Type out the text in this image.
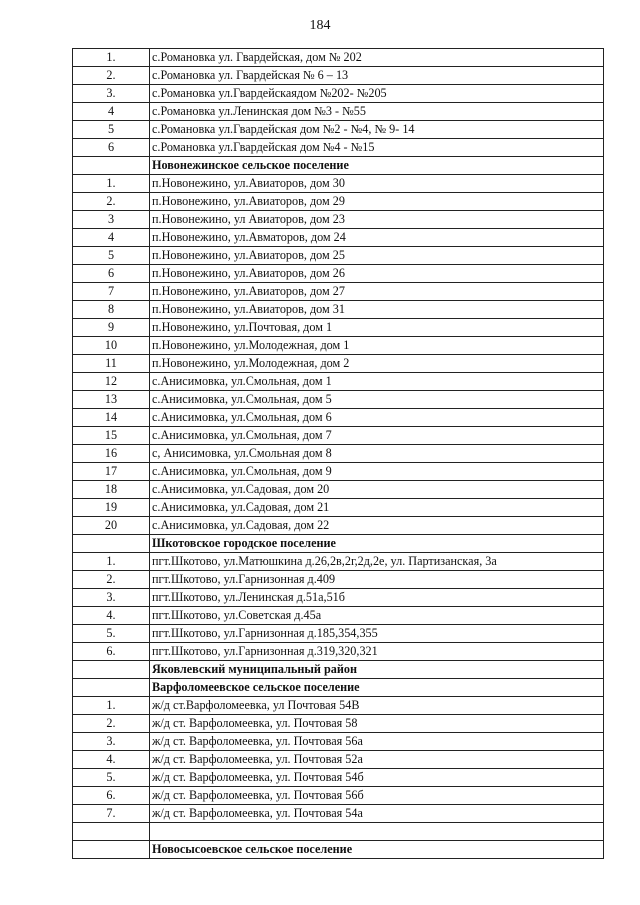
184
1.	с.Романовка ул. Гвардейская, дом № 202
2.	с.Романовка ул. Гвардейская № 6 – 13
3.	с.Романовка ул.Гвардейскаядом №202- №205
4	с.Романовка ул.Ленинская дом №3 - №55
5	с.Романовка ул.Гвардейская дом №2 - №4, № 9- 14
6	с.Романовка ул.Гвардейская дом №4 - №15
	Новонежинское сельское поселение
1.	п.Новонежино, ул.Авиаторов, дом 30
2.	п.Новонежино, ул.Авиаторов, дом 29
3	п.Новонежино, ул Авиаторов, дом 23
4	п.Новонежино, ул.Авматоров, дом 24
5	п.Новонежино, ул.Авиаторов, дом 25
6	п.Новонежино, ул.Авиаторов, дом 26
7	п.Новонежино, ул.Авиаторов, дом 27
8	п.Новонежино, ул.Авиаторов, дом 31
9	п.Новонежино, ул.Почтовая, дом 1
10	п.Новонежино, ул.Молодежная, дом 1
11	п.Новонежино, ул.Молодежная, дом 2
12	с.Анисимовка, ул.Смольная, дом 1
13	с.Анисимовка, ул.Смольная, дом 5
14	с.Анисимовка, ул.Смольная, дом 6
15	с.Анисимовка, ул.Смольная, дом 7
16	с, Анисимовка, ул.Смольная дом 8
17	с.Анисимовка, ул.Смольная, дом 9
18	с.Анисимовка, ул.Садовая, дом 20
19	с.Анисимовка, ул.Садовая, дом 21
20	с.Анисимовка, ул.Садовая, дом 22
	Шкотовское городское поселение
1.	пгт.Шкотово, ул.Матюшкина д.26,2в,2г,2д,2е, ул. Партизанская, 3а
2.	пгт.Шкотово, ул.Гарнизонная д.409
3.	пгт.Шкотово, ул.Ленинская д.51а,51б
4.	пгт.Шкотово, ул.Советская д.45а
5.	пгт.Шкотово, ул.Гарнизонная д.185,354,355
6.	пгт.Шкотово, ул.Гарнизонная д.319,320,321
	Яковлевский муниципальный район
	Варфоломеевское сельское поселение
1.	ж/д ст.Варфоломеевка, ул Почтовая 54В
2.	ж/д ст. Варфоломеевка, ул. Почтовая 58
3.	ж/д ст. Варфоломеевка, ул. Почтовая 56а
4.	ж/д ст. Варфоломеевка, ул. Почтовая 52а
5.	ж/д ст. Варфоломеевка, ул. Почтовая 54б
6.	ж/д ст. Варфоломеевка, ул. Почтовая 56б
7.	ж/д ст. Варфоломеевка, ул. Почтовая 54а

	Новосысоевское сельское поселение
